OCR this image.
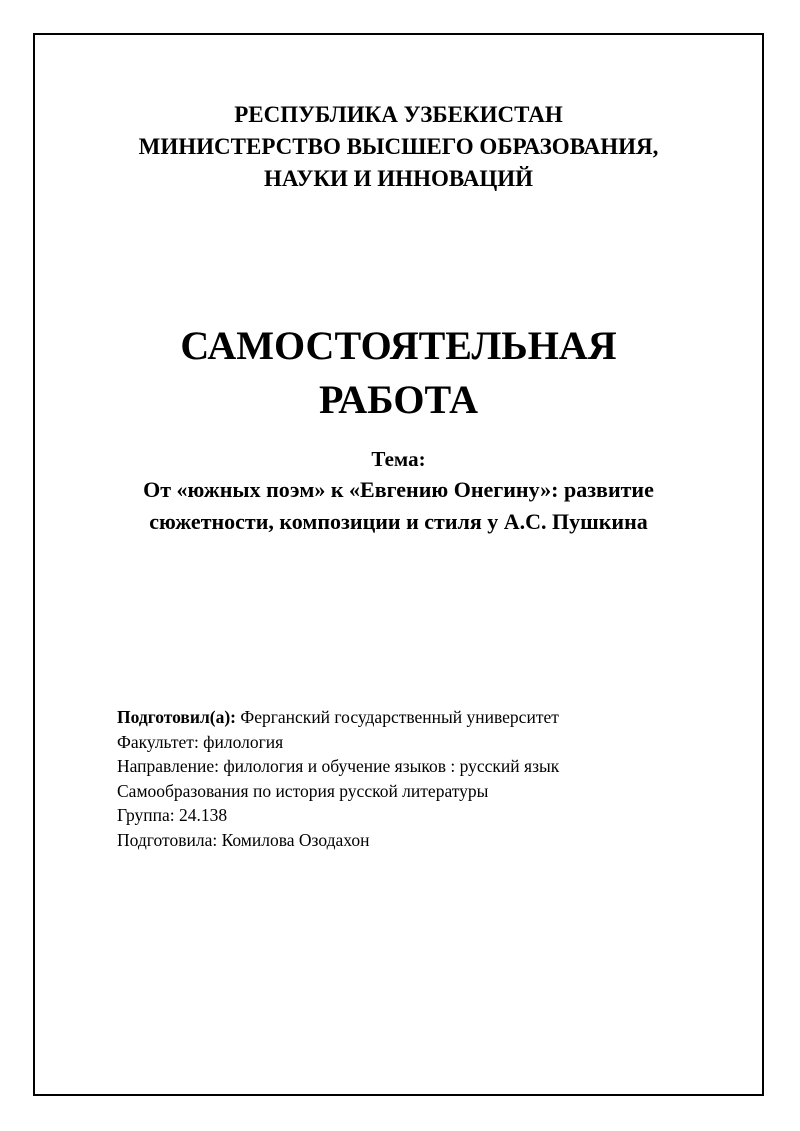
РЕСПУБЛИКА УЗБЕКИСТАН
МИНИСТЕРСТВО ВЫСШЕГО ОБРАЗОВАНИЯ,
НАУКИ И ИННОВАЦИЙ
САМОСТОЯТЕЛЬНАЯ
РАБОТА
Тема:
От «южных поэм» к «Евгению Онегину»: развитие
сюжетности, композиции и стиля у А.С. Пушкина
Подготовил(а): Ферганский государственный университет
Факультет: филология
Направление: филология и обучение языков : русский язык
Самообразования по история русской литературы
Группа: 24.138
Подготовила: Комилова Озодахон
